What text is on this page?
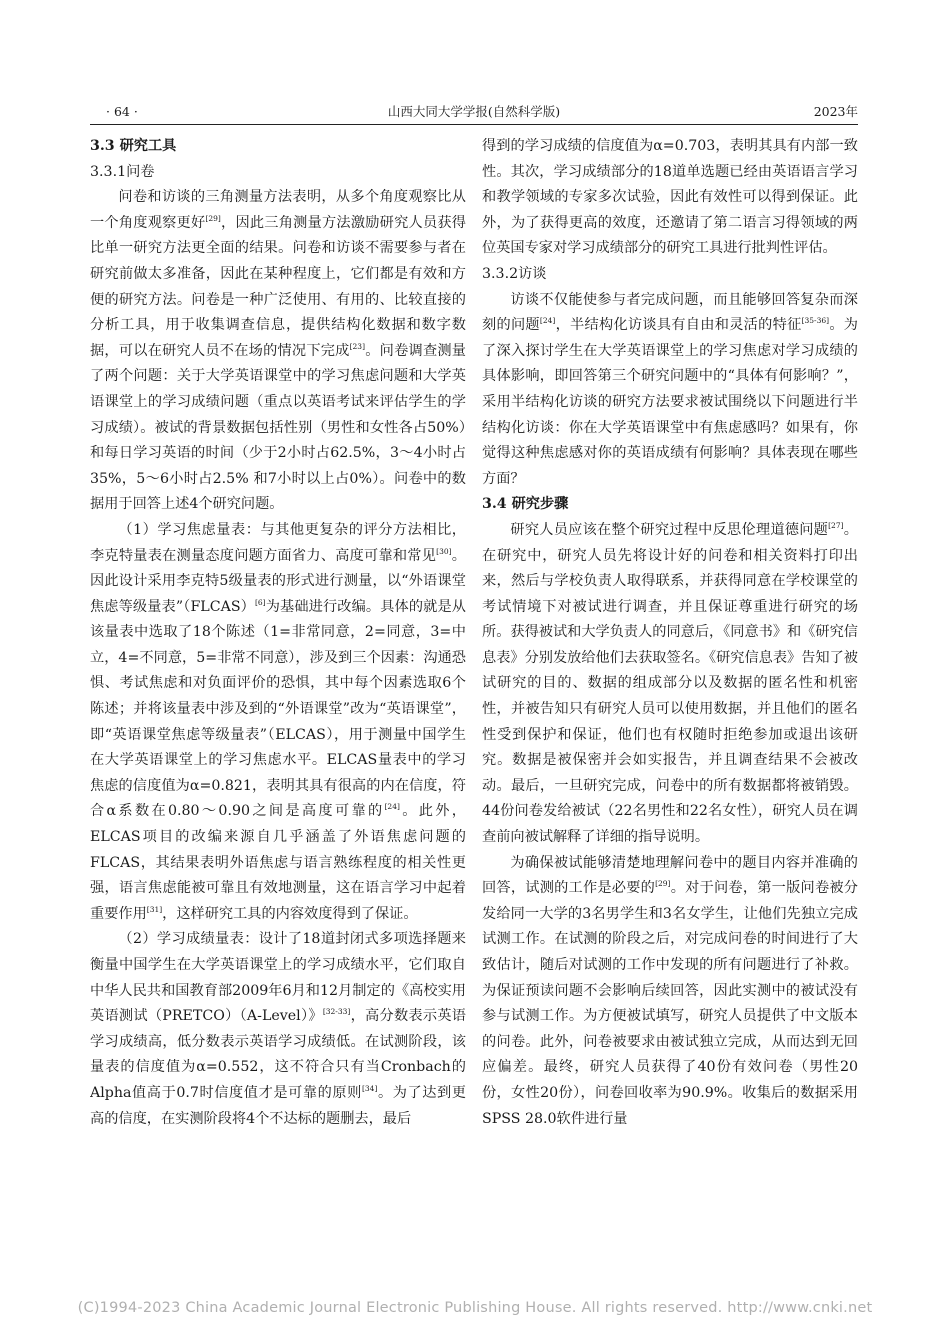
· 64 ·	山西大同大学学报(自然科学版)	2023年
3.3 研究工具
3.3.1问卷

问卷和访谈的三角测量方法表明，从多个角度观察比从一个角度观察更好[29]，因此三角测量方法激励研究人员获得比单一研究方法更全面的结果。问卷和访谈不需要参与者在研究前做太多准备，因此在某种程度上，它们都是有效和方便的研究方法。问卷是一种广泛使用、有用的、比较直接的分析工具，用于收集调查信息，提供结构化数据和数字数据，可以在研究人员不在场的情况下完成[23]。问卷调查测量了两个问题：关于大学英语课堂中的学习焦虑问题和大学英语课堂上的学习成绩问题（重点以英语考试来评估学生的学习成绩）。被试的背景数据包括性别（男性和女性各占50%）和每日学习英语的时间（少于2小时占62.5%，3～4小时占35%，5～6小时占2.5% 和7小时以上占0%）。问卷中的数据用于回答上述4个研究问题。

（1）学习焦虑量表：与其他更复杂的评分方法相比，李克特量表在测量态度问题方面省力、高度可靠和常见[30]。因此设计采用李克特5级量表的形式进行测量，以“外语课堂焦虑等级量表”（FLCAS）[6]为基础进行改编。具体的就是从该量表中选取了18个陈述（1=非常同意，2=同意，3=中立，4=不同意，5=非常不同意），涉及到三个因素：沟通恐惧、考试焦虑和对负面评价的恐惧，其中每个因素选取6个陈述；并将该量表中涉及到的“外语课堂”改为“英语课堂”，即“英语课堂焦虑等级量表”（ELCAS），用于测量中国学生在大学英语课堂上的学习焦虑水平。ELCAS量表中的学习焦虑的信度值为α=0.821，表明其具有很高的内在信度，符合α系数在0.80～0.90之间是高度可靠的[24]。此外，ELCAS项目的改编来源自几乎涵盖了外语焦虑问题的FLCAS，其结果表明外语焦虑与语言熟练程度的相关性更强，语言焦虑能被可靠且有效地测量，这在语言学习中起着重要作用[31]，这样研究工具的内容效度得到了保证。

（2）学习成绩量表：设计了18道封闭式多项选择题来衡量中国学生在大学英语课堂上的学习成绩水平，它们取自中华人民共和国教育部2009年6月和12月制定的《高校实用英语测试（PRETCO）（A-Level）》[32-33]，高分数表示英语学习成绩高，低分数表示英语学习成绩低。在试测阶段，该量表的信度值为α=0.552，这不符合只有当Cronbach的Alpha值高于0.7时信度值才是可靠的原则[34]。为了达到更高的信度，在实测阶段将4个不达标的题删去，最后

得到的学习成绩的信度值为α=0.703，表明其具有内部一致性。其次，学习成绩部分的18道单选题已经由英语语言学习和教学领域的专家多次试验，因此有效性可以得到保证。此外，为了获得更高的效度，还邀请了第二语言习得领域的两位英国专家对学习成绩部分的研究工具进行批判性评估。

3.3.2访谈

访谈不仅能使参与者完成问题，而且能够回答复杂而深刻的问题[24]，半结构化访谈具有自由和灵活的特征[35-36]。为了深入探讨学生在大学英语课堂上的学习焦虑对学习成绩的具体影响，即回答第三个研究问题中的“具体有何影响？”，采用半结构化访谈的研究方法要求被试围绕以下问题进行半结构化访谈：你在大学英语课堂中有焦虑感吗？如果有，你觉得这种焦虑感对你的英语成绩有何影响？具体表现在哪些方面？

3.4 研究步骤

研究人员应该在整个研究过程中反思伦理道德问题[27]。在研究中，研究人员先将设计好的问卷和相关资料打印出来，然后与学校负责人取得联系，并获得同意在学校课堂的考试情境下对被试进行调查，并且保证尊重进行研究的场所。获得被试和大学负责人的同意后，《同意书》和《研究信息表》分别发放给他们去获取签名。《研究信息表》告知了被试研究的目的、数据的组成部分以及数据的匿名性和机密性，并被告知只有研究人员可以使用数据，并且他们的匿名性受到保护和保证，他们也有权随时拒绝参加或退出该研究。数据是被保密并会如实报告，并且调查结果不会被改动。最后，一旦研究完成，问卷中的所有数据都将被销毁。44份问卷发给被试（22名男性和22名女性），研究人员在调查前向被试解释了详细的指导说明。

为确保被试能够清楚地理解问卷中的题目内容并准确的回答，试测的工作是必要的[29]。对于问卷，第一版问卷被分发给同一大学的3名男学生和3名女学生，让他们先独立完成试测工作。在试测的阶段之后，对完成问卷的时间进行了大致估计，随后对试测的工作中发现的所有问题进行了补救。为保证预读问题不会影响后续回答，因此实测中的被试没有参与试测工作。为方便被试填写，研究人员提供了中文版本的问卷。此外，问卷被要求由被试独立完成，从而达到无回应偏差。最终，研究人员获得了40份有效问卷（男性20份，女性20份），问卷回收率为90.9%。收集后的数据采用SPSS 28.0软件进行量

(C)1994-2023 China Academic Journal Electronic Publishing House. All rights reserved. http://www.cnki.net
